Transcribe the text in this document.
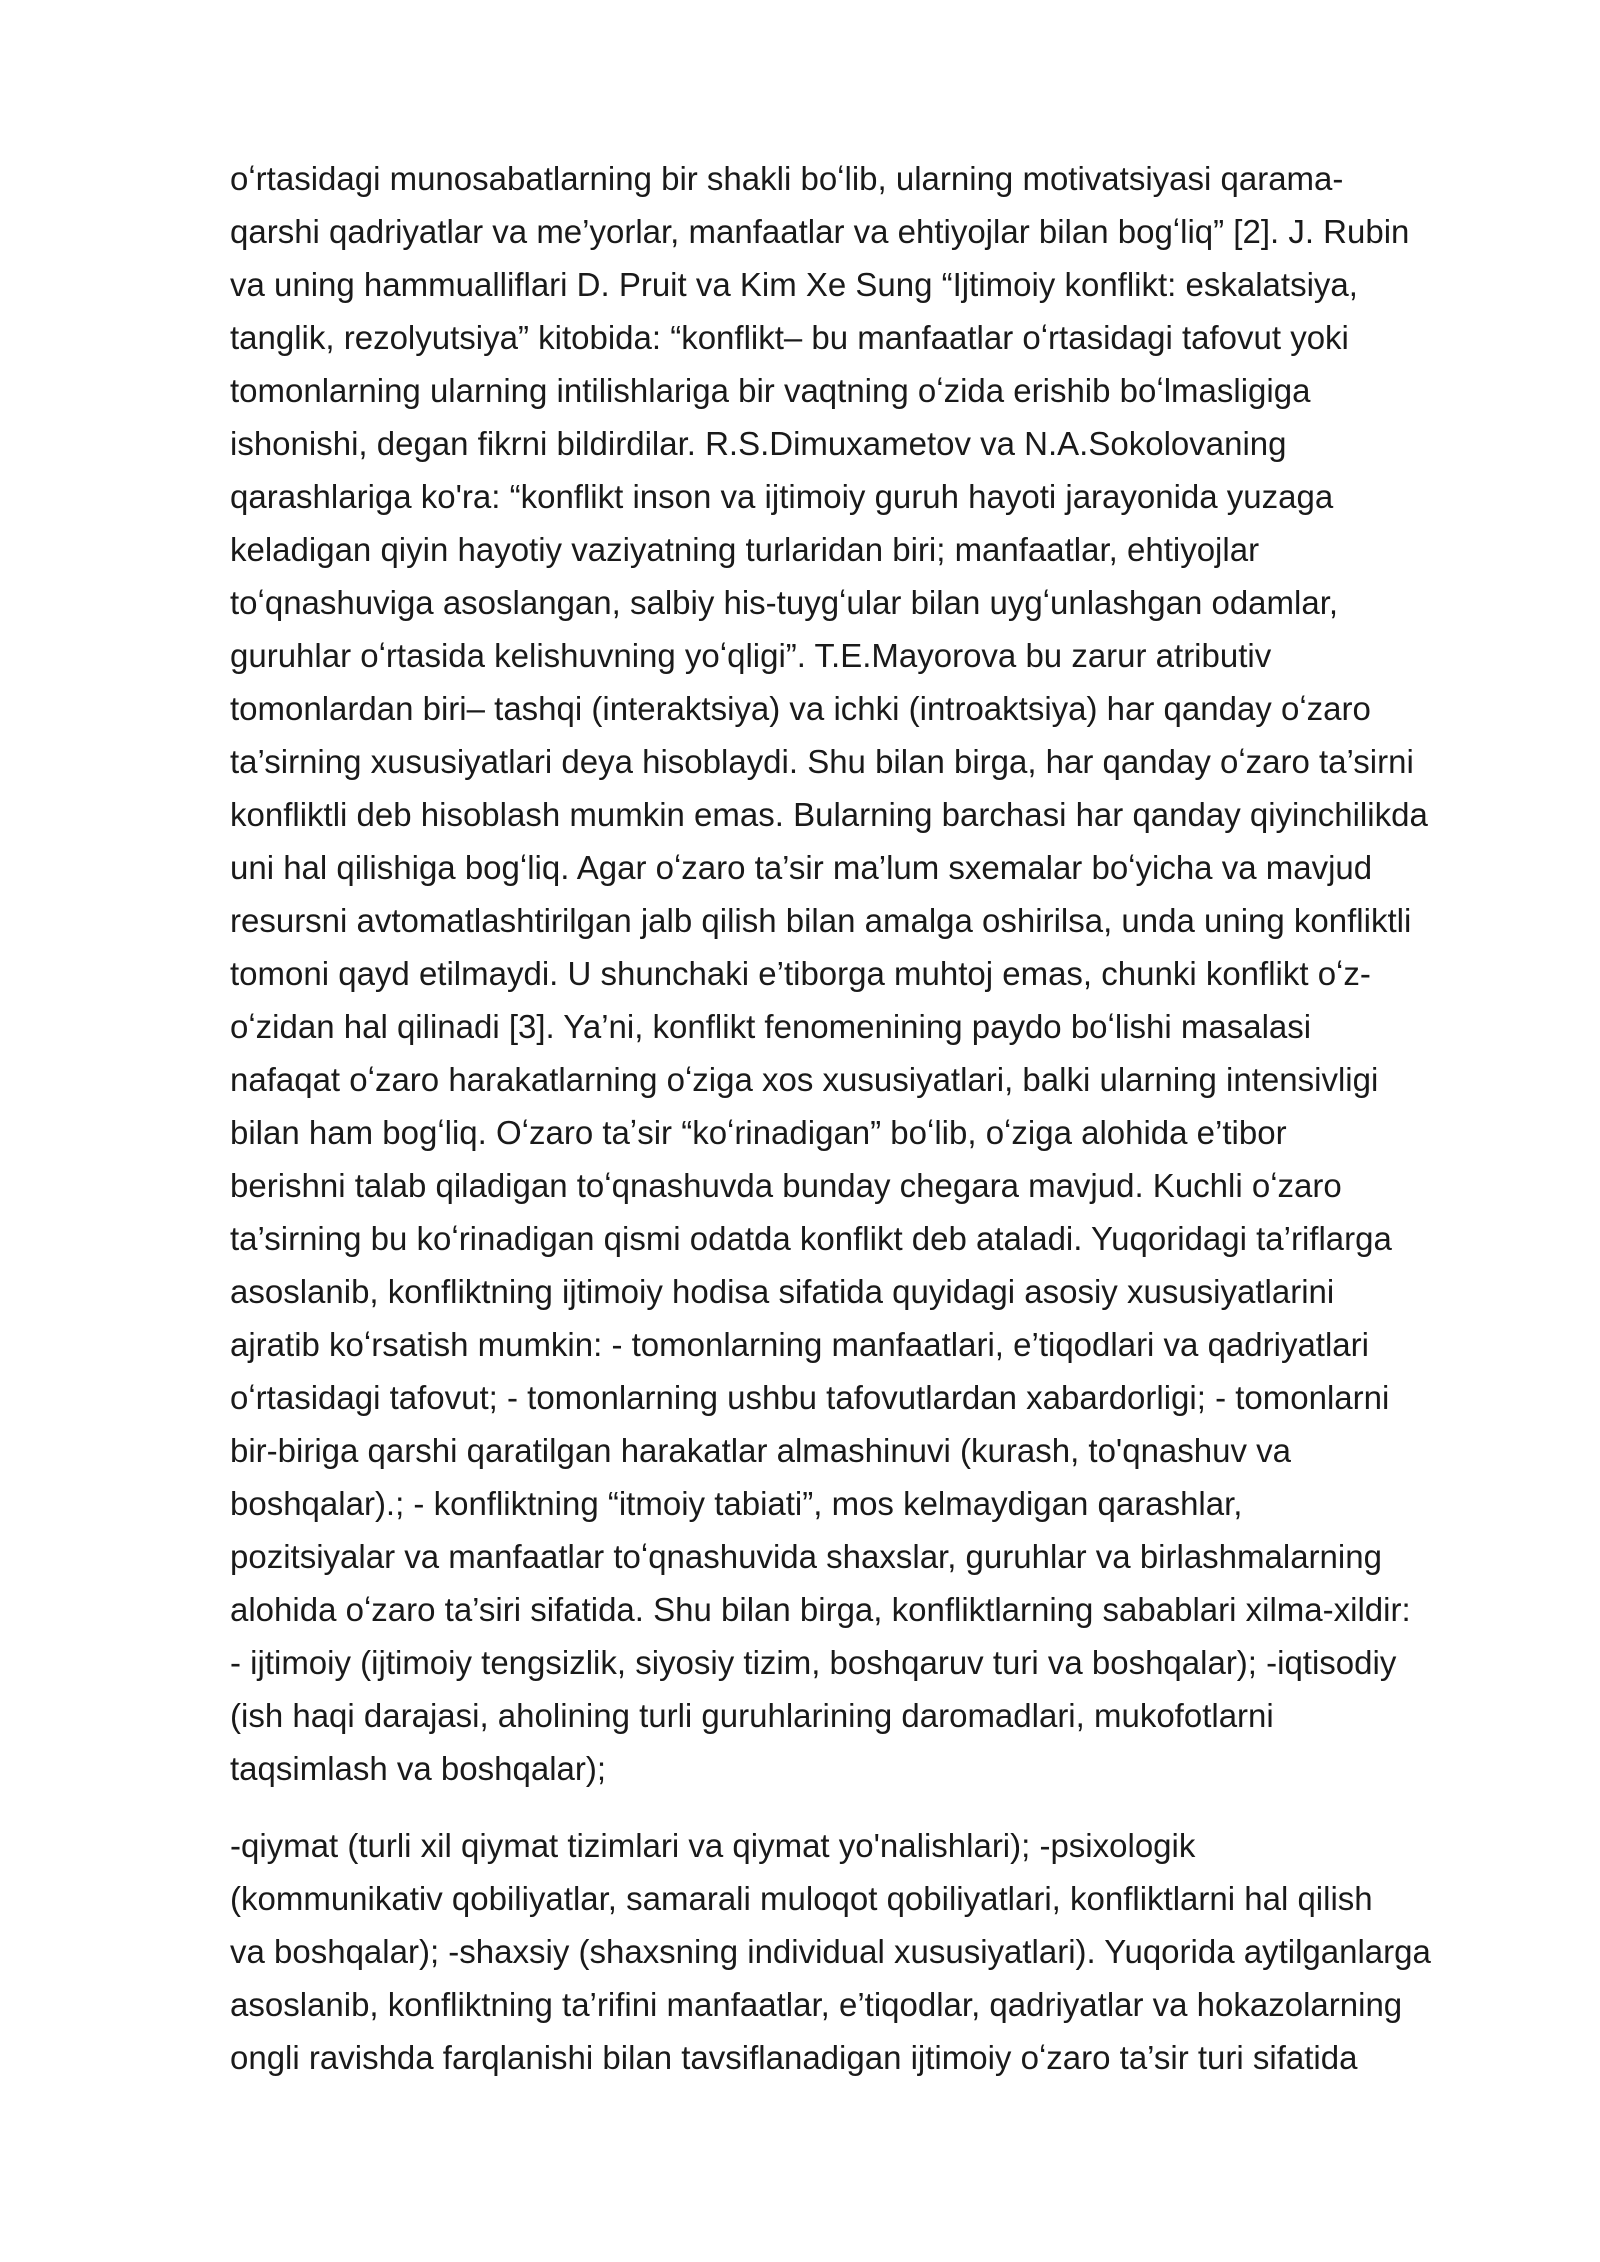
oʻrtasidagi munosabatlarning bir shakli boʻlib, ularning motivatsiyasi qarama-
qarshi qadriyatlar va me’yorlar, manfaatlar va ehtiyojlar bilan bogʻliq” [2]. J. Rubin
va uning hammualliflari D. Pruit va Kim Xe Sung “Ijtimoiy konflikt: eskalatsiya,
tanglik, rezolyutsiya” kitobida: “konflikt– bu manfaatlar oʻrtasidagi tafovut yoki
tomonlarning ularning intilishlariga bir vaqtning oʻzida erishib boʻlmasligiga
ishonishi, degan fikrni bildirdilar. R.S.Dimuxametov va N.A.Sokolovaning
qarashlariga ko'ra: “konflikt inson va ijtimoiy guruh hayoti jarayonida yuzaga
keladigan qiyin hayotiy vaziyatning turlaridan biri; manfaatlar, ehtiyojlar
toʻqnashuviga asoslangan, salbiy his-tuygʻular bilan uygʻunlashgan odamlar,
guruhlar oʻrtasida kelishuvning yoʻqligi”. T.E.Mayorova bu zarur atributiv
tomonlardan biri– tashqi (interaktsiya) va ichki (introaktsiya) har qanday oʻzaro
ta’sirning xususiyatlari deya hisoblaydi. Shu bilan birga, har qanday oʻzaro ta’sirni
konfliktli deb hisoblash mumkin emas. Bularning barchasi har qanday qiyinchilikda
uni hal qilishiga bogʻliq. Agar oʻzaro ta’sir ma’lum sxemalar boʻyicha va mavjud
resursni avtomatlashtirilgan jalb qilish bilan amalga oshirilsa, unda uning konfliktli
tomoni qayd etilmaydi. U shunchaki e’tiborga muhtoj emas, chunki konflikt oʻz-
oʻzidan hal qilinadi [3]. Ya’ni, konflikt fenomenining paydo boʻlishi masalasi
nafaqat oʻzaro harakatlarning oʻziga xos xususiyatlari, balki ularning intensivligi
bilan ham bogʻliq. Oʻzaro taʼsir “koʻrinadigan” boʻlib, oʻziga alohida e’tibor
berishni talab qiladigan toʻqnashuvda bunday chegara mavjud. Kuchli oʻzaro
ta’sirning bu koʻrinadigan qismi odatda konflikt deb ataladi. Yuqoridagi ta’riflarga
asoslanib, konfliktning ijtimoiy hodisa sifatida quyidagi asosiy xususiyatlarini
ajratib koʻrsatish mumkin: - tomonlarning manfaatlari, e’tiqodlari va qadriyatlari
oʻrtasidagi tafovut; - tomonlarning ushbu tafovutlardan xabardorligi; - tomonlarni
bir-biriga qarshi qaratilgan harakatlar almashinuvi (kurash, to'qnashuv va
boshqalar).; - konfliktning “itmoiy tabiati”, mos kelmaydigan qarashlar,
pozitsiyalar va manfaatlar toʻqnashuvida shaxslar, guruhlar va birlashmalarning
alohida oʻzaro ta’siri sifatida. Shu bilan birga, konfliktlarning sabablari xilma-xildir:
- ijtimoiy (ijtimoiy tengsizlik, siyosiy tizim, boshqaruv turi va boshqalar); -iqtisodiy
(ish haqi darajasi, aholining turli guruhlarining daromadlari, mukofotlarni
taqsimlash va boshqalar);
-qiymat (turli xil qiymat tizimlari va qiymat yo'nalishlari); -psixologik
(kommunikativ qobiliyatlar, samarali muloqot qobiliyatlari, konfliktlarni hal qilish
va boshqalar); -shaxsiy (shaxsning individual xususiyatlari). Yuqorida aytilganlarga
asoslanib, konfliktning ta’rifini manfaatlar, e’tiqodlar, qadriyatlar va hokazolarning
ongli ravishda farqlanishi bilan tavsiflanadigan ijtimoiy oʻzaro ta’sir turi sifatida
